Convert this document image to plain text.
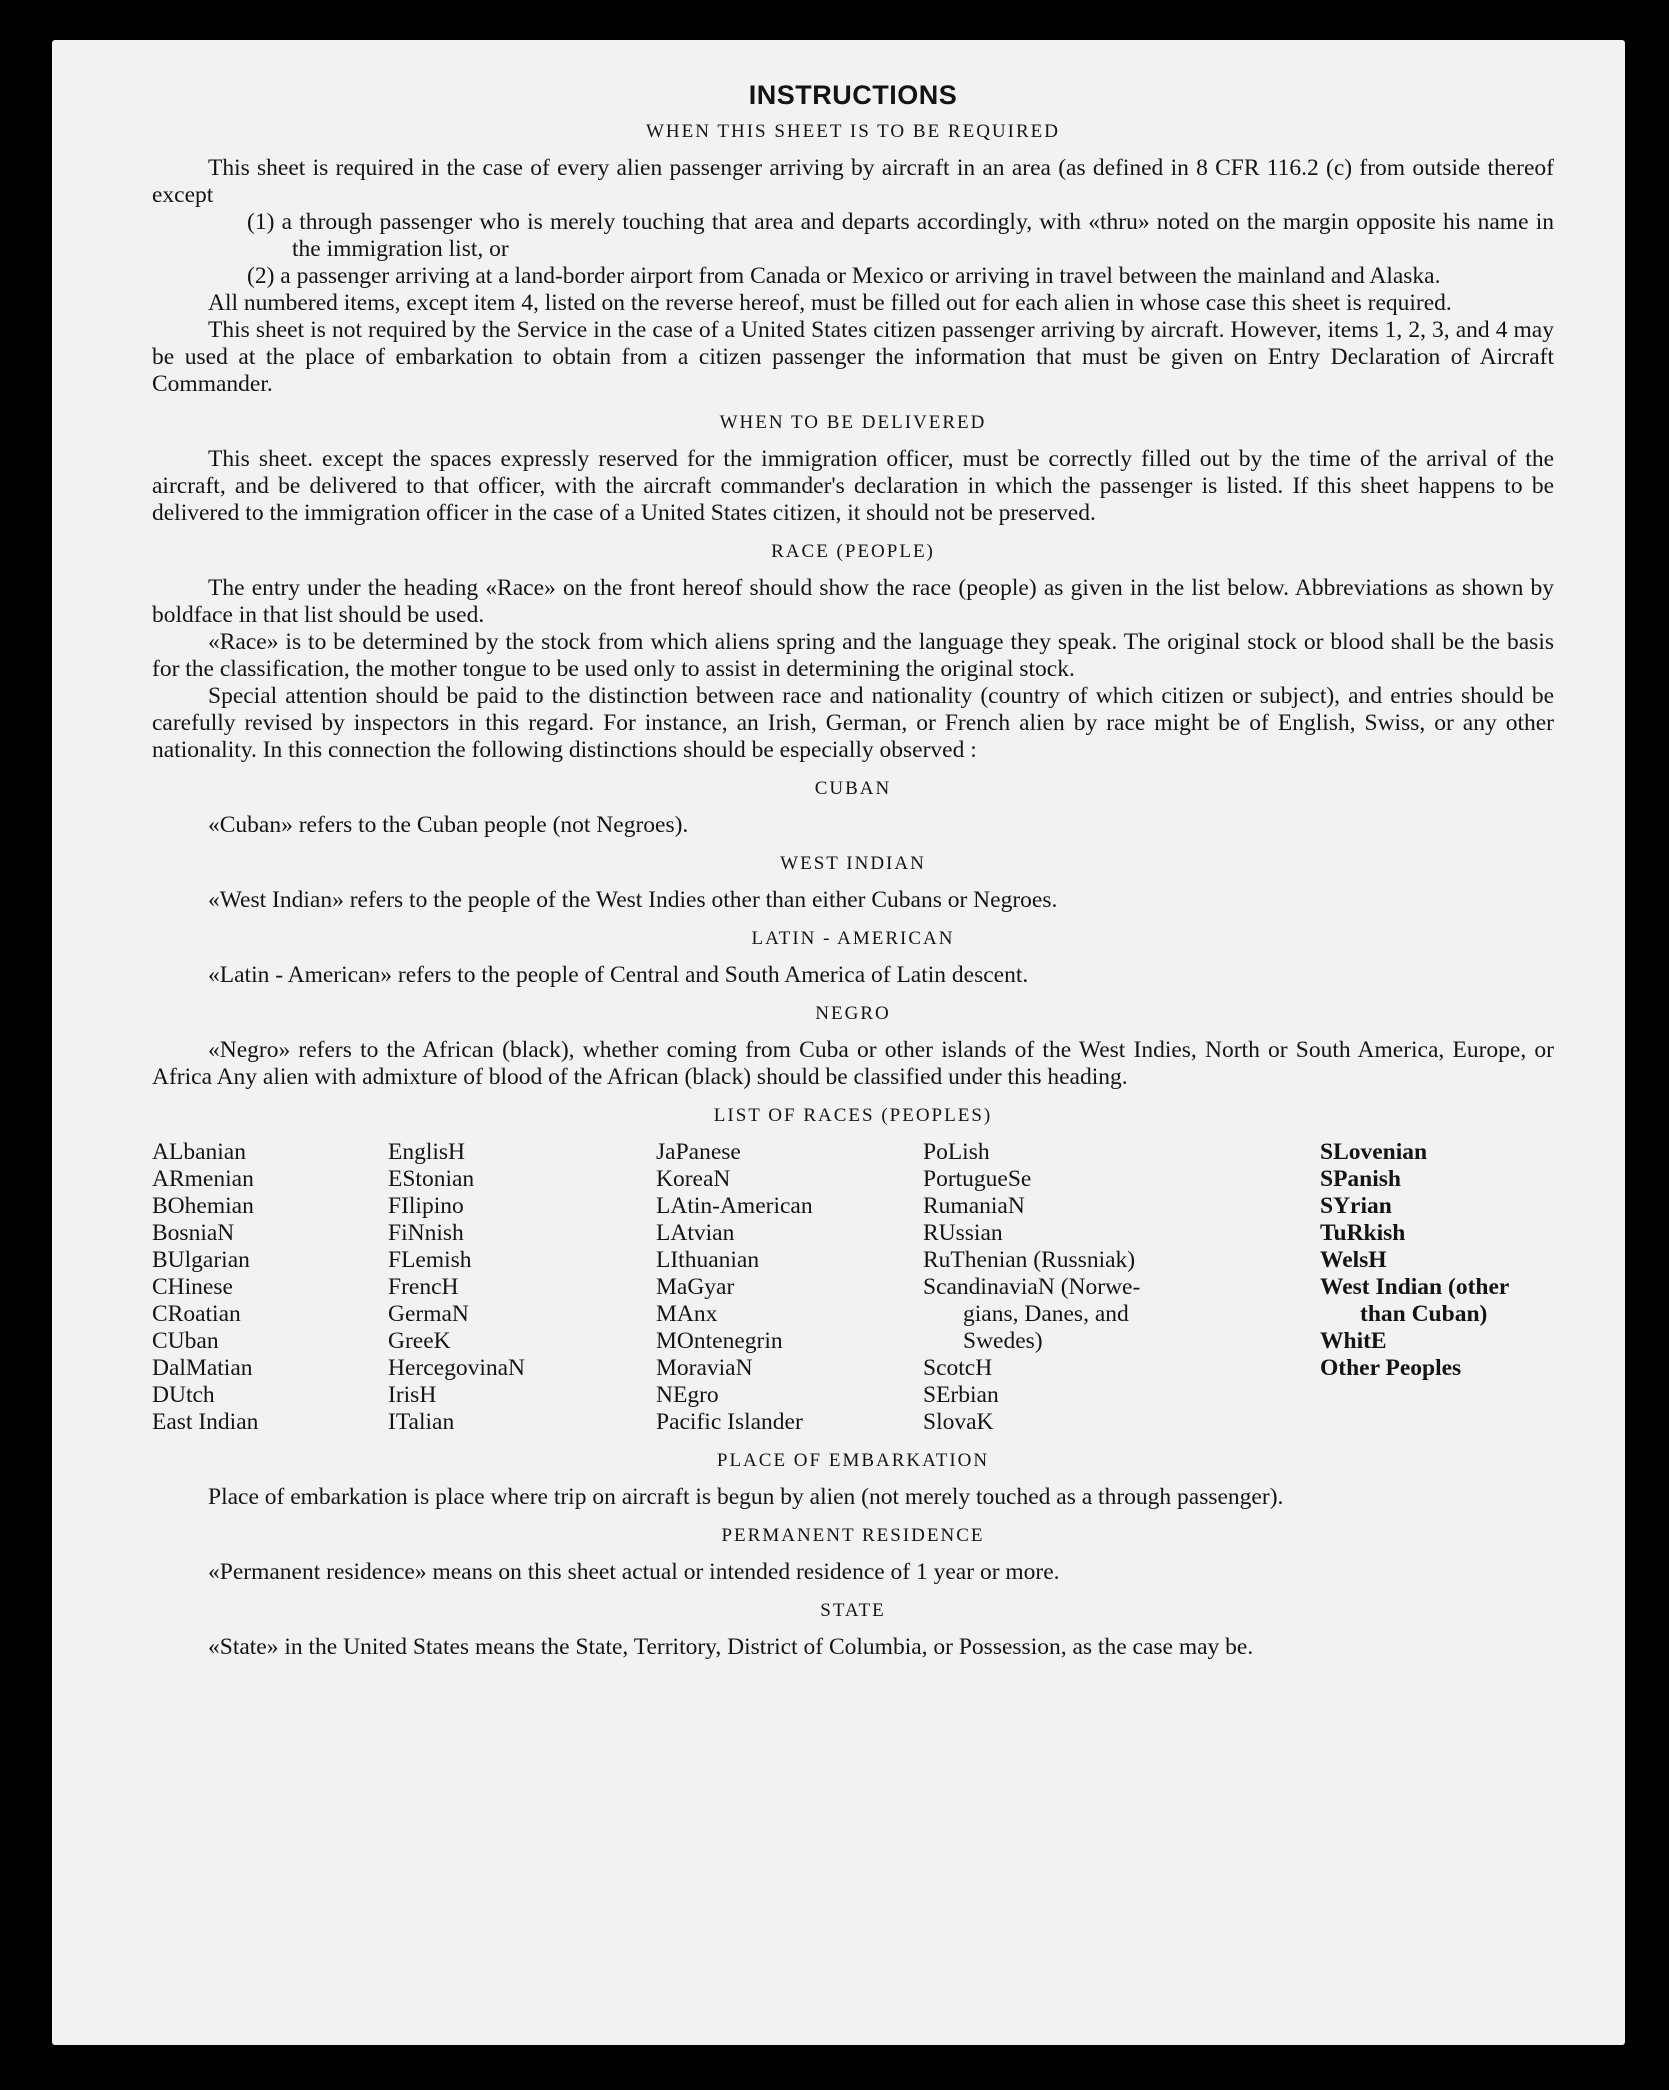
INSTRUCTIONS
WHEN THIS SHEET IS TO BE REQUIRED

This sheet is required in the case of every alien passenger arriving by aircraft in an area (as defined in 8 CFR 116.2 (c) from outside thereof except

(1) a through passenger who is merely touching that area and departs accordingly, with «thru» noted on the margin opposite his name in the immigration list, or

(2) a passenger arriving at a land-border airport from Canada or Mexico or arriving in travel between the mainland and Alaska.

All numbered items, except item 4, listed on the reverse hereof, must be filled out for each alien in whose case this sheet is required.

This sheet is not required by the Service in the case of a United States citizen passenger arriving by aircraft. However, items 1, 2, 3, and 4 may be used at the place of embarkation to obtain from a citizen passenger the information that must be given on Entry Declaration of Aircraft Commander.

WHEN TO BE DELIVERED

This sheet. except the spaces expressly reserved for the immigration officer, must be correctly filled out by the time of the arrival of the aircraft, and be delivered to that officer, with the aircraft commander's declaration in which the passenger is listed. If this sheet happens to be delivered to the immigration officer in the case of a United States citizen, it should not be preserved.

RACE (PEOPLE)

The entry under the heading «Race» on the front hereof should show the race (people) as given in the list below. Abbreviations as shown by boldface in that list should be used.

«Race» is to be determined by the stock from which aliens spring and the language they speak. The original stock or blood shall be the basis for the classification, the mother tongue to be used only to assist in determining the original stock.

Special attention should be paid to the distinction between race and nationality (country of which citizen or subject), and entries should be carefully revised by inspectors in this regard. For instance, an Irish, German, or French alien by race might be of English, Swiss, or any other nationality. In this connection the following distinctions should be especially observed :

CUBAN

«Cuban» refers to the Cuban people (not Negroes).

WEST INDIAN

«West Indian» refers to the people of the West Indies other than either Cubans or Negroes.

LATIN - AMERICAN

«Latin - American» refers to the people of Central and South America of Latin descent.

NEGRO

«Negro» refers to the African (black), whether coming from Cuba or other islands of the West Indies, North or South America, Europe, or Africa Any alien with admixture of blood of the African (black) should be classified under this heading.

LIST OF RACES (PEOPLES)
ALbanian
ARmenian
BOhemian
BosniaN
BUlgarian
CHinese
CRoatian
CUban
DalMatian
DUtch
East Indian
EnglisH
EStonian
FIlipino
FiNnish
FLemish
FrencH
GermaN
GreeK
HercegovinaN
IrisH
ITalian
JaPanese
KoreaN
LAtin-American
LAtvian
LIthuanian
MaGyar
MAnx
MOntenegrin
MoraviaN
NEgro
Pacific Islander
PoLish
PortugueSe
RumaniaN
RUssian
RuThenian (Russniak)
ScandinaviaN (Norwe-
gians, Danes, and
Swedes)
ScotcH
SErbian
SlovaK
SLovenian
SPanish
SYrian
TuRkish
WelsH
West Indian (other
than Cuban)
WhitE
Other Peoples
PLACE OF EMBARKATION

Place of embarkation is place where trip on aircraft is begun by alien (not merely touched as a through passenger).

PERMANENT RESIDENCE

«Permanent residence» means on this sheet actual or intended residence of 1 year or more.

STATE

«State» in the United States means the State, Territory, District of Columbia, or Possession, as the case may be.
